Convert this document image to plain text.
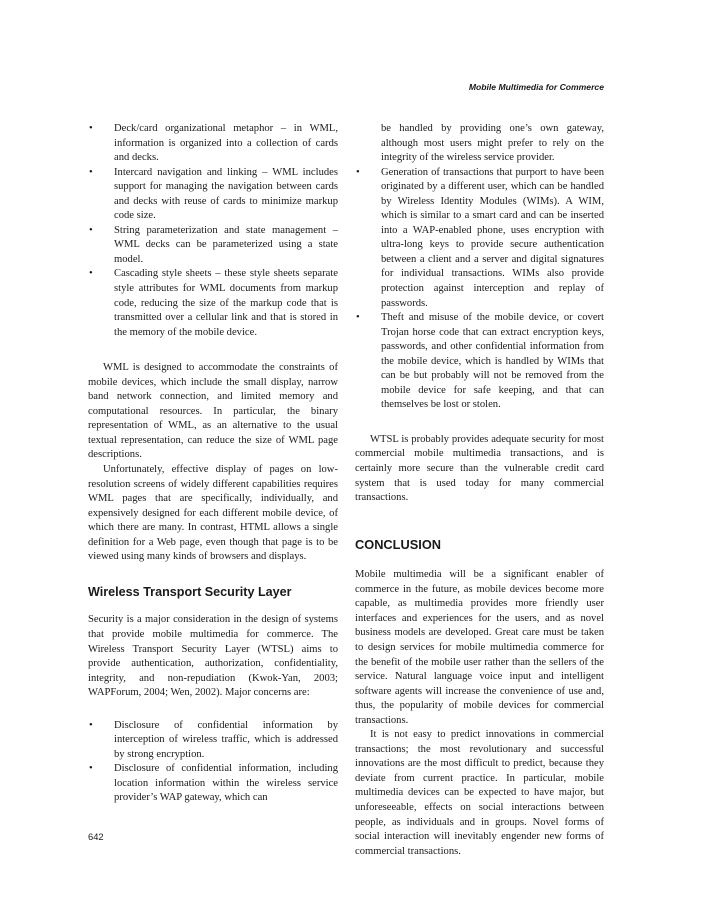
Mobile Multimedia for Commerce
• Deck/card organizational metaphor – in WML, information is organized into a collection of cards and decks.
• Intercard navigation and linking – WML includes support for managing the navigation between cards and decks with reuse of cards to minimize markup code size.
• String parameterization and state management – WML decks can be parameterized using a state model.
• Cascading style sheets – these style sheets separate style attributes for WML documents from markup code, reducing the size of the markup code that is transmitted over a cellular link and that is stored in the memory of the mobile device.

WML is designed to accommodate the constraints of mobile devices, which include the small display, narrow band network connection, and limited memory and computational resources. In particular, the binary representation of WML, as an alternative to the usual textual representation, can reduce the size of WML page descriptions.

Unfortunately, effective display of pages on low-resolution screens of widely different capabilities requires WML pages that are specifically, individually, and expensively designed for each different mobile device, of which there are many. In contrast, HTML allows a single definition for a Web page, even though that page is to be viewed using many kinds of browsers and displays.

Wireless Transport Security Layer

Security is a major consideration in the design of systems that provide mobile multimedia for commerce. The Wireless Transport Security Layer (WTSL) aims to provide authentication, authorization, confidentiality, integrity, and non-repudiation (Kwok-Yan, 2003; WAPForum, 2004; Wen, 2002). Major concerns are:

• Disclosure of confidential information by interception of wireless traffic, which is addressed by strong encryption.
• Disclosure of confidential information, including location information within the wireless service provider’s WAP gateway, which can
be handled by providing one’s own gateway, although most users might prefer to rely on the integrity of the wireless service provider.
• Generation of transactions that purport to have been originated by a different user, which can be handled by Wireless Identity Modules (WIMs). A WIM, which is similar to a smart card and can be inserted into a WAP-enabled phone, uses encryption with ultra-long keys to provide secure authentication between a client and a server and digital signatures for individual transactions. WIMs also provide protection against interception and replay of passwords.
• Theft and misuse of the mobile device, or covert Trojan horse code that can extract encryption keys, passwords, and other confidential information from the mobile device, which is handled by WIMs that can be but probably will not be removed from the mobile device for safe keeping, and that can themselves be lost or stolen.

WTSL is probably provides adequate security for most commercial mobile multimedia transactions, and is certainly more secure than the vulnerable credit card system that is used today for many commercial transactions.

CONCLUSION

Mobile multimedia will be a significant enabler of commerce in the future, as mobile devices become more capable, as multimedia provides more friendly user interfaces and experiences for the users, and as novel business models are developed. Great care must be taken to design services for mobile multimedia commerce for the benefit of the mobile user rather than the sellers of the service. Natural language voice input and intelligent software agents will increase the convenience of use and, thus, the popularity of mobile devices for commercial transactions.

It is not easy to predict innovations in commercial transactions; the most revolutionary and successful innovations are the most difficult to predict, because they deviate from current practice. In particular, mobile multimedia devices can be expected to have major, but unforeseeable, effects on social interactions between people, as individuals and in groups. Novel forms of social interaction will inevitably engender new forms of commercial transactions.

642
